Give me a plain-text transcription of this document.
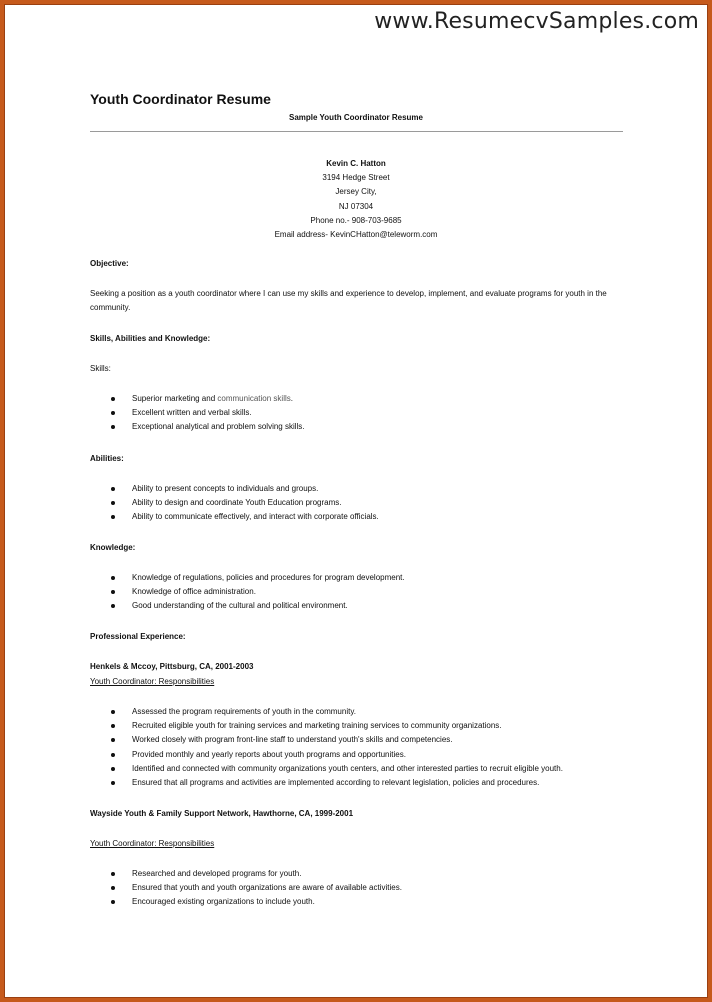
www.ResumecvSamples.com
Youth Coordinator Resume
Sample Youth Coordinator Resume
Kevin C. Hatton
3194 Hedge Street
Jersey City,
NJ 07304
Phone no.- 908-703-9685
Email address- KevinCHatton@teleworm.com
Objective:
Seeking a position as a youth coordinator where I can use my skills and experience to develop, implement, and evaluate programs for youth in the community.
Skills, Abilities and Knowledge:
Skills:
Superior marketing and communication skills.
Excellent written and verbal skills.
Exceptional analytical and problem solving skills.
Abilities:
Ability to present concepts to individuals and groups.
Ability to design and coordinate Youth Education programs.
Ability to communicate effectively, and interact with corporate officials.
Knowledge:
Knowledge of regulations, policies and procedures for program development.
Knowledge of office administration.
Good understanding of the cultural and political environment.
Professional Experience:
Henkels & Mccoy, Pittsburg, CA, 2001-2003
Youth Coordinator: Responsibilities
Assessed the program requirements of youth in the community.
Recruited eligible youth for training services and marketing training services to community organizations.
Worked closely with program front-line staff to understand youth's skills and competencies.
Provided monthly and yearly reports about youth programs and opportunities.
Identified and connected with community organizations youth centers, and other interested parties to recruit eligible youth.
Ensured that all programs and activities are implemented according to relevant legislation, policies and procedures.
Wayside Youth & Family Support Network, Hawthorne, CA, 1999-2001
Youth Coordinator: Responsibilities
Researched and developed programs for youth.
Ensured that youth and youth organizations are aware of available activities.
Encouraged existing organizations to include youth.
